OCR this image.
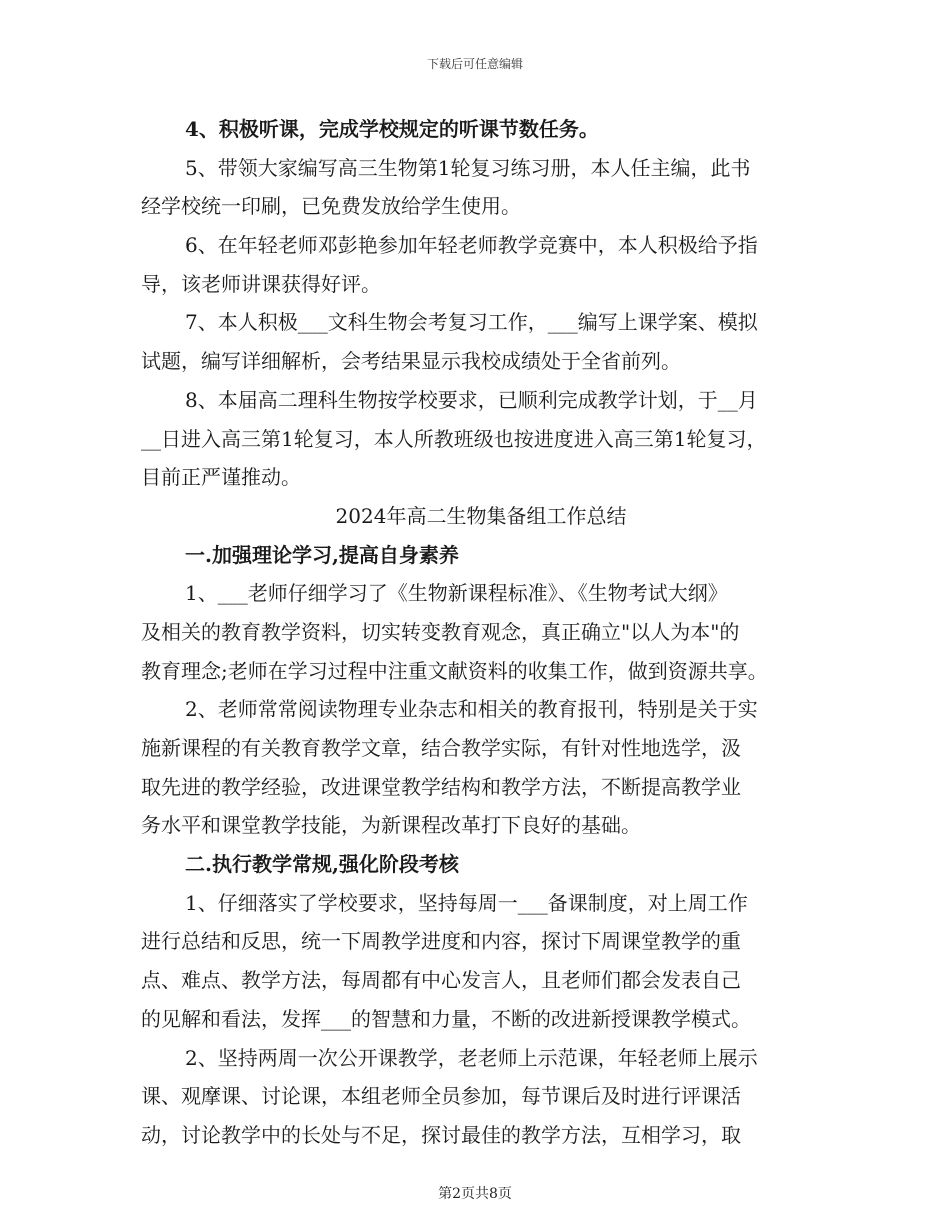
下载后可任意编辑
4、积极听课，完成学校规定的听课节数任务。
5、带领大家编写高三生物第1轮复习练习册，本人任主编，此书
经学校统一印刷，已免费发放给学生使用。
6、在年轻老师邓彭艳参加年轻老师教学竞赛中，本人积极给予指
导，该老师讲课获得好评。
7、本人积极___文科生物会考复习工作，___编写上课学案、模拟
试题，编写详细解析，会考结果显示我校成绩处于全省前列。
8、本届高二理科生物按学校要求，已顺利完成教学计划，于__月
__日进入高三第1轮复习，本人所教班级也按进度进入高三第1轮复习，
目前正严谨推动。
2024年高二生物集备组工作总结
一.加强理论学习,提高自身素养
1、___老师仔细学习了《生物新课程标准》、《生物考试大纲》
及相关的教育教学资料，切实转变教育观念，真正确立"以人为本"的
教育理念;老师在学习过程中注重文献资料的收集工作，做到资源共享。
2、老师常常阅读物理专业杂志和相关的教育报刊，特别是关于实
施新课程的有关教育教学文章，结合教学实际，有针对性地选学，汲
取先进的教学经验，改进课堂教学结构和教学方法，不断提高教学业
务水平和课堂教学技能，为新课程改革打下良好的基础。
二.执行教学常规,强化阶段考核
1、仔细落实了学校要求，坚持每周一___备课制度，对上周工作
进行总结和反思，统一下周教学进度和内容，探讨下周课堂教学的重
点、难点、教学方法，每周都有中心发言人，且老师们都会发表自己
的见解和看法，发挥___的智慧和力量，不断的改进新授课教学模式。
2、坚持两周一次公开课教学，老老师上示范课，年轻老师上展示
课、观摩课、讨论课，本组老师全员参加，每节课后及时进行评课活
动，讨论教学中的长处与不足，探讨最佳的教学方法，互相学习，取
第2页共8页
